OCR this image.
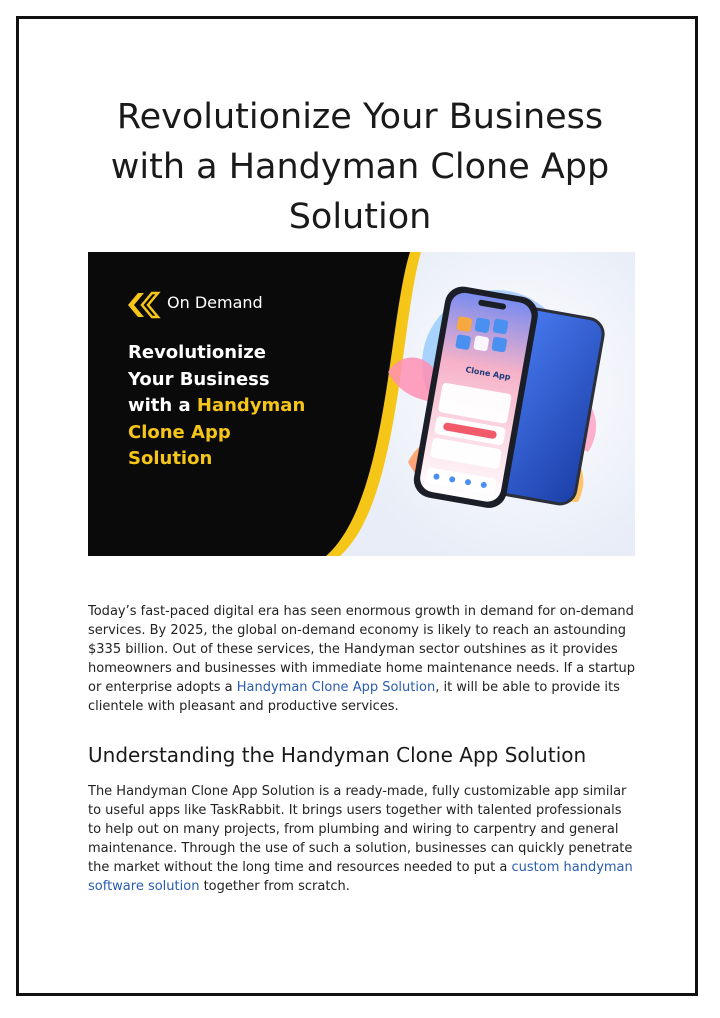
Revolutionize Your Business
with a Handyman Clone App
Solution
Clone App
On Demand
Revolutionize
Your Business
with a Handyman
Clone App
Solution

Today’s fast-paced digital era has seen enormous growth in demand for on-demand services. By 2025, the global on-demand economy is likely to reach an astounding $335 billion. Out of these services, the Handyman sector outshines as it provides homeowners and businesses with immediate home maintenance needs. If a startup or enterprise adopts a Handyman Clone App Solution, it will be able to provide its clientele with pleasant and productive services.

Understanding the Handyman Clone App Solution

The Handyman Clone App Solution is a ready-made, fully customizable app similar to useful apps like TaskRabbit. It brings users together with talented professionals to help out on many projects, from plumbing and wiring to carpentry and general maintenance. Through the use of such a solution, businesses can quickly penetrate the market without the long time and resources needed to put a custom handyman software solution together from scratch.
